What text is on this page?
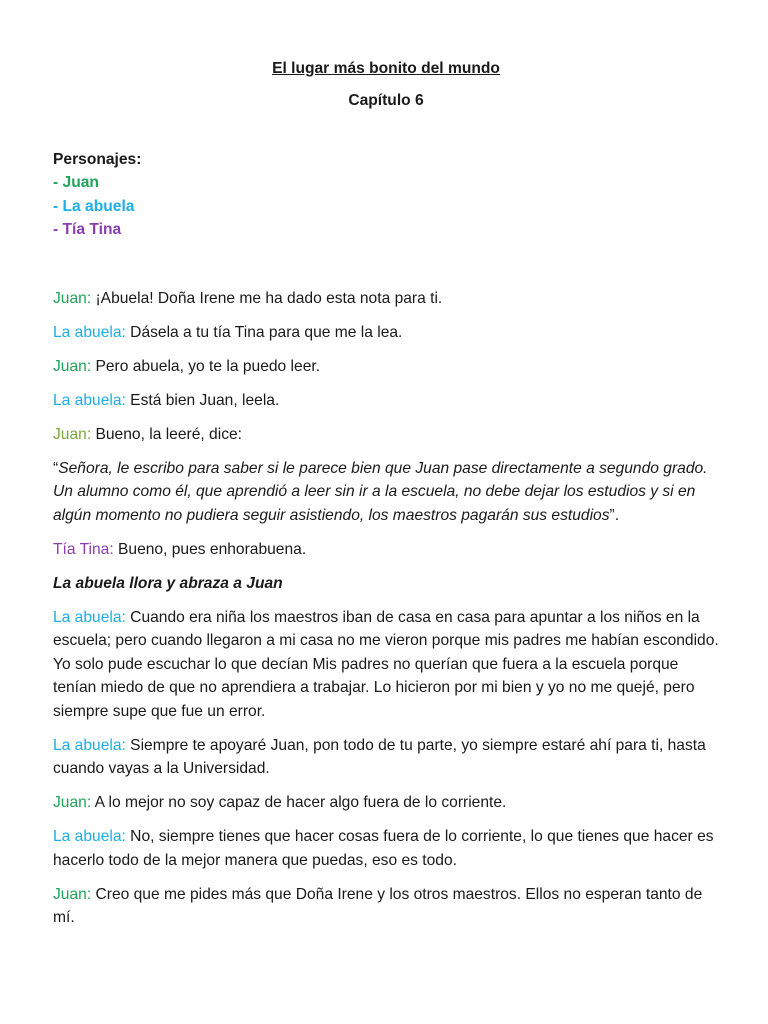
El lugar más bonito del mundo

Capítulo 6

Personajes:

- Juan

- La abuela

- Tía Tina

Juan: ¡Abuela! Doña Irene me ha dado esta nota para ti.

La abuela: Dásela a tu tía Tina para que me la lea.

Juan: Pero abuela, yo te la puedo leer.

La abuela: Está bien Juan, leela.

Juan: Bueno, la leeré, dice:

“Señora, le escribo para saber si le parece bien que Juan pase directamente a segundo grado. Un alumno como él, que aprendió a leer sin ir a la escuela, no debe dejar los estudios y si en algún momento no pudiera seguir asistiendo, los maestros pagarán sus estudios”.

Tía Tina: Bueno, pues enhorabuena.

La abuela llora y abraza a Juan

La abuela: Cuando era niña los maestros iban de casa en casa para apuntar a los niños en la escuela; pero cuando llegaron a mi casa no me vieron porque mis padres me habían escondido. Yo solo pude escuchar lo que decían Mis padres no querían que fuera a la escuela porque tenían miedo de que no aprendiera a trabajar. Lo hicieron por mi bien y yo no me quejé, pero siempre supe que fue un error.

La abuela: Siempre te apoyaré Juan, pon todo de tu parte, yo siempre estaré ahí para ti, hasta cuando vayas a la Universidad.

Juan: A lo mejor no soy capaz de hacer algo fuera de lo corriente.

La abuela: No, siempre tienes que hacer cosas fuera de lo corriente, lo que tienes que hacer es hacerlo todo de la mejor manera que puedas, eso es todo.

Juan: Creo que me pides más que Doña Irene y los otros maestros. Ellos no esperan tanto de mí.
